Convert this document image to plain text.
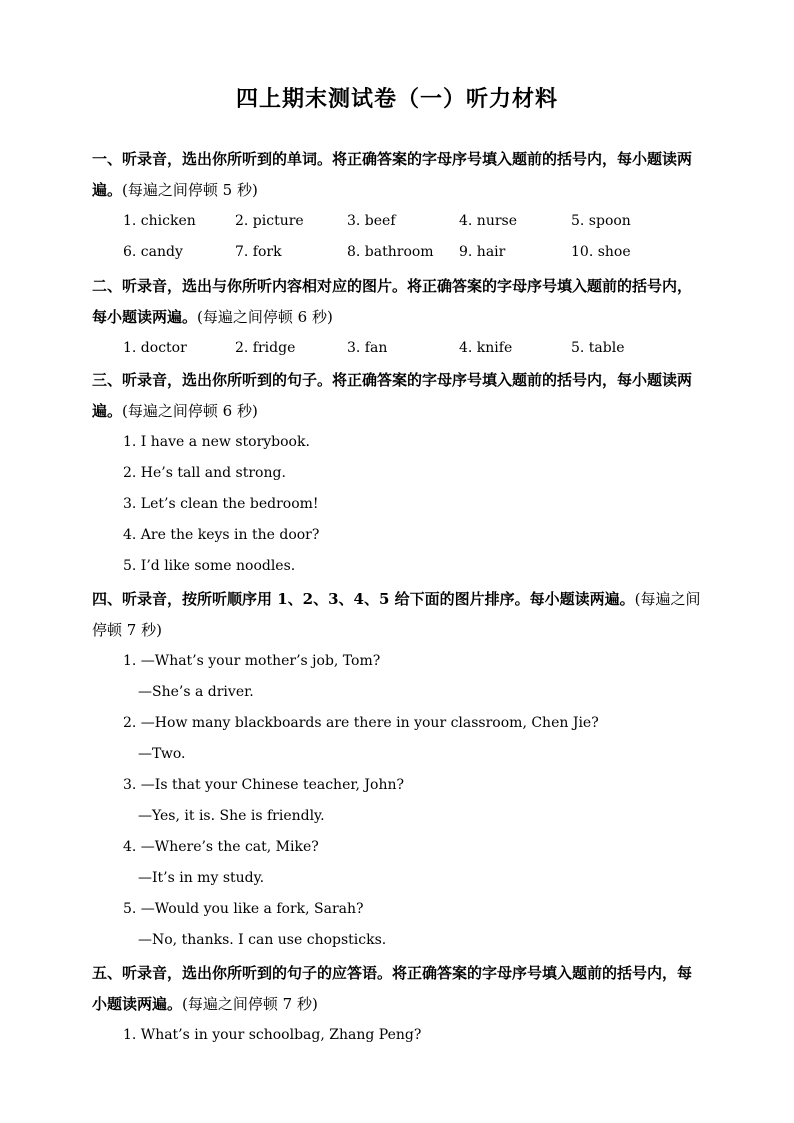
四上期末测试卷（一）听力材料

一、听录音，选出你所听到的单词。将正确答案的字母序号填入题前的括号内，每小题读两遍。(每遍之间停顿 5 秒)

1. chicken	2. picture	3. beef	4. nurse	5. spoon
6. candy	7. fork	8. bathroom	9. hair	10. shoe

二、听录音，选出与你所听内容相对应的图片。将正确答案的字母序号填入题前的括号内，每小题读两遍。(每遍之间停顿 6 秒)

1. doctor	2. fridge	3. fan	4. knife	5. table

三、听录音，选出你所听到的句子。将正确答案的字母序号填入题前的括号内，每小题读两遍。(每遍之间停顿 6 秒)

1. I have a new storybook.
2. He’s tall and strong.
3. Let’s clean the bedroom!
4. Are the keys in the door?
5. I’d like some noodles.

四、听录音，按所听顺序用 1、2、3、4、5 给下面的图片排序。每小题读两遍。(每遍之间停顿 7 秒)

1. —What’s your mother’s job, Tom?
—She’s a driver.
2. —How many blackboards are there in your classroom, Chen Jie?
—Two.
3. —Is that your Chinese teacher, John?
—Yes, it is. She is friendly.
4. —Where’s the cat, Mike?
—It’s in my study.
5. —Would you like a fork, Sarah?
—No, thanks. I can use chopsticks.

五、听录音，选出你所听到的句子的应答语。将正确答案的字母序号填入题前的括号内，每小题读两遍。(每遍之间停顿 7 秒)

1. What’s in your schoolbag, Zhang Peng?
